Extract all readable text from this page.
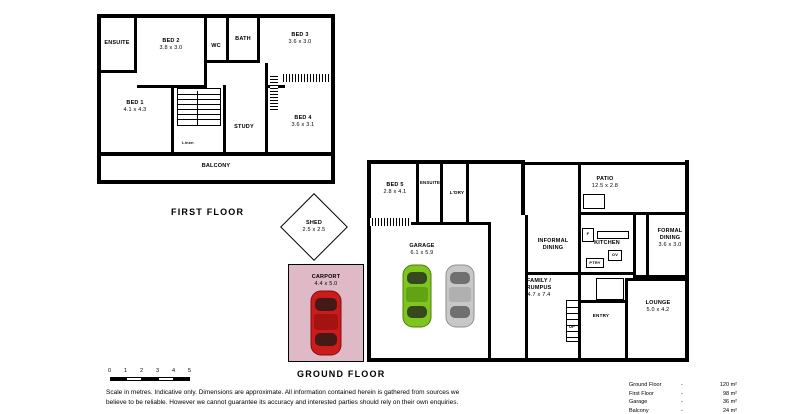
Linen
ENSUITE	BED 2
3.8 x 3.0	WC
BATH
BED 3
3.6 x 3.0
BED 1
4.1 x 4.3
STUDY
BED 4
3.6 x 3.1
BALCONY
FIRST FLOOR
SHED
2.5 x 2.5
CARPORT
4.4 x 5.0
UP
F
OV
PTRY
BED 5
2.8 x 4.1
ENSUITE
L'DRY
GARAGE
6.1 x 5.9
INFORMAL
DINING
KITCHEN
PATIO
12.5 x 2.8
FORMAL
DINING
3.6 x 3.0
FAMILY /
RUMPUS
4.7 x 7.4
LOUNGE
5.0 x 4.2
ENTRY
GROUND FLOOR
0 1 2 3 4 5
Scale in metres. Indicative only. Dimensions are approximate. All information contained herein is gathered from sources we
believe to be reliable. However we cannot guarantee its accuracy and interested parties should rely on their own enquiries.
Ground Floor	-	120 m²
First Floor	-	98 m²
Garage	-	36 m²
Balcony	-	24 m²
